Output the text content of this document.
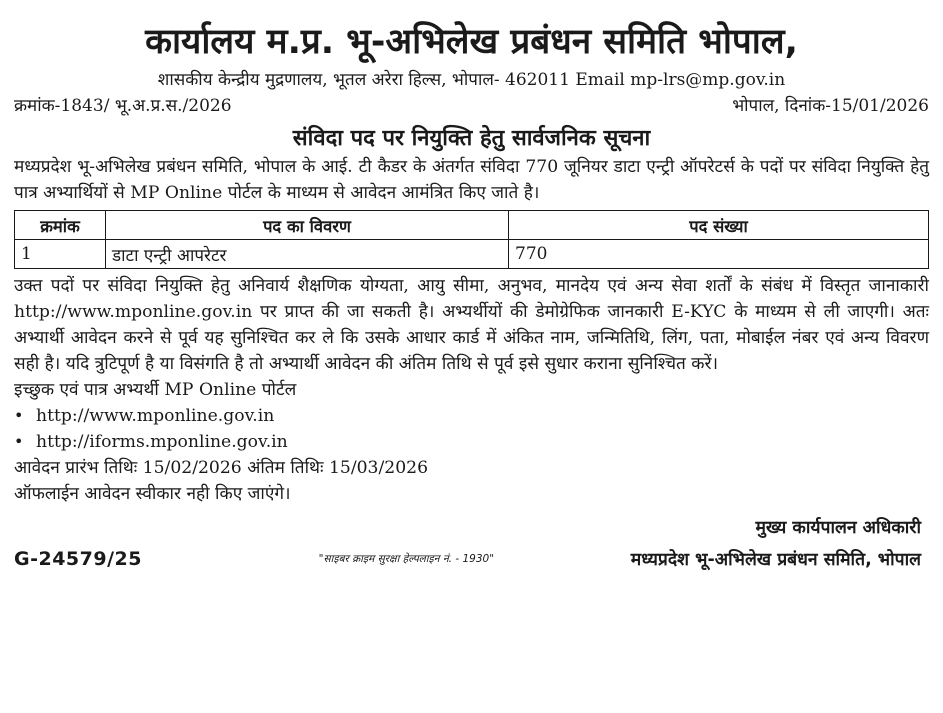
कार्यालय म.प्र. भू-अभिलेख प्रबंधन समिति भोपाल,
शासकीय केन्द्रीय मुद्रणालय, भूतल अरेरा हिल्स, भोपाल- 462011 Email mp-lrs@mp.gov.in
क्रमांक-1843/ भू.अ.प्र.स./2026	भोपाल, दिनांक-15/01/2026
संविदा पद पर नियुक्ति हेतु सार्वजनिक सूचना

मध्यप्रदेश भू-अभिलेख प्रबंधन समिति, भोपाल के आई. टी कैडर के अंतर्गत संविदा 770 जूनियर डाटा एन्ट्री ऑपरेटर्स के पदों पर संविदा नियुक्ति हेतु पात्र अभ्यार्थियों से MP Online पोर्टल के माध्यम से आवेदन आमंत्रित किए जाते है।

क्रमांक	पद का विवरण	पद संख्या
1	डाटा एन्ट्री आपरेटर	770

उक्त पदों पर संविदा नियुक्ति हेतु अनिवार्य शैक्षणिक योग्यता, आयु सीमा, अनुभव, मानदेय एवं अन्य सेवा शर्तों के संबंध में विस्तृत जानाकारी http://www.mponline.gov.in पर प्राप्त की जा सकती है। अभ्यर्थीयों की डेमोग्रेफिक जानकारी E-KYC के माध्यम से ली जाएगी। अतः अभ्यार्थी आवेदन करने से पूर्व यह सुनिश्चित कर ले कि उसके आधार कार्ड में अंकित नाम, जन्मितिथि, लिंग, पता, मोबाईल नंबर एवं अन्य विवरण सही है। यदि त्रुटिपूर्ण है या विसंगति है तो अभ्यार्थी आवेदन की अंतिम तिथि से पूर्व इसे सुधार कराना सुनिश्चित करें।

इच्छुक एवं पात्र अभ्यर्थी MP Online पोर्टल

• http://www.mponline.gov.in
• http://iforms.mponline.gov.in

आवेदन प्रारंभ तिथिः 15/02/2026 अंतिम तिथिः 15/03/2026

ऑफलाईन आवेदन स्वीकार नही किए जाएंगे।

मुख्य कार्यपालन अधिकारी
G-24579/25	"साइबर क्राइम सुरक्षा हेल्पलाइन नं. - 1930"	मध्यप्रदेश भू-अभिलेख प्रबंधन समिति, भोपाल
